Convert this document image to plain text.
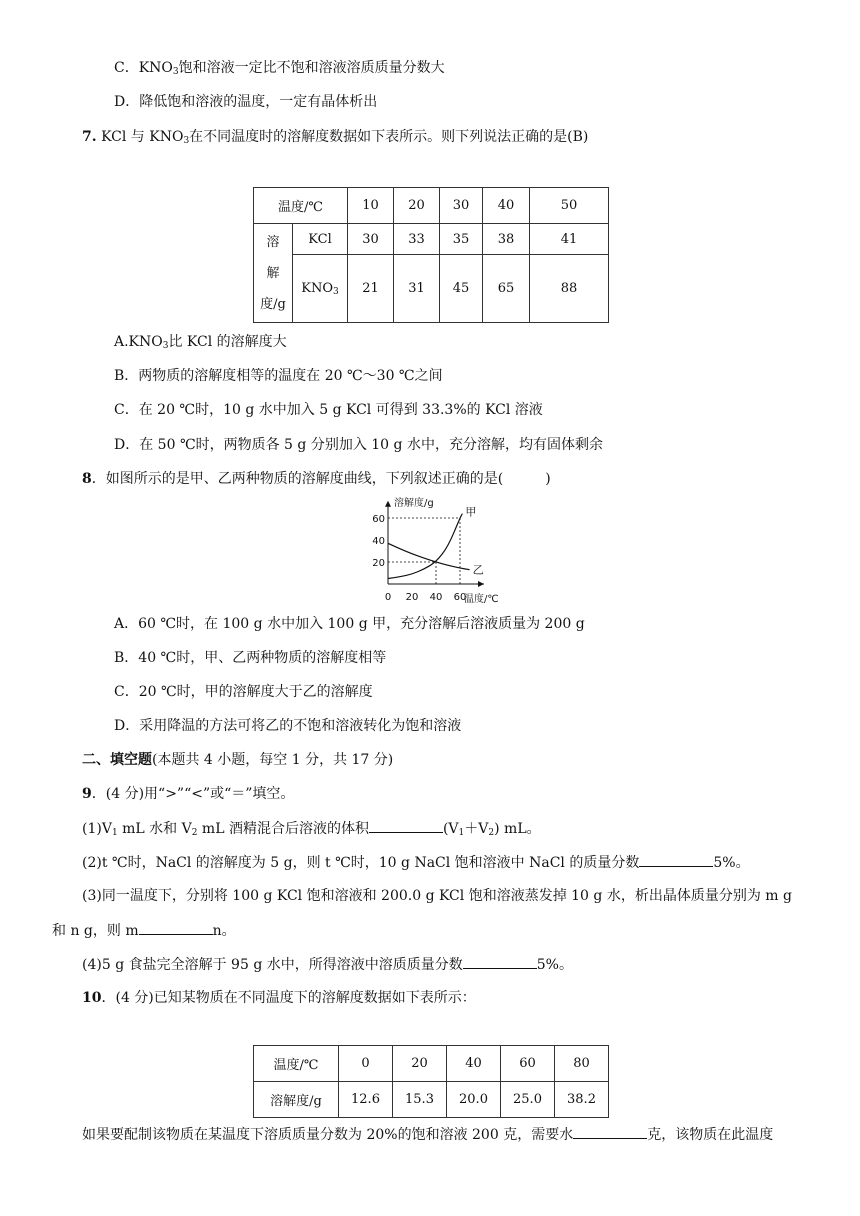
C．$KNO_3$饱和溶液一定比不饱和溶液溶质质量分数大
D．降低饱和溶液的温度，一定有晶体析出
7. KCl 与 $KNO_3$在不同温度时的溶解度数据如下表所示。则下列说法正确的是(B)
温度/℃		10	20	30	40	50
溶
解
度/g	KCl	30	33	35	38	41
	$KNO_3$	21	31	45	65	88
$A.KNO_3$比 KCl 的溶解度大
B．两物质的溶解度相等的温度在 20 ℃～30 ℃之间
C．在 20 ℃时，10 g 水中加入 5 g KCl 可得到 33.3%的 KCl 溶液
D．在 50 ℃时，两物质各 5 g 分别加入 10 g 水中，充分溶解，均有固体剩余
8．如图所示的是甲、乙两种物质的溶解度曲线，下列叙述正确的是(　　　)
溶解度/g
温度/℃
0 20 40 60
20
40
60
甲
乙
A．60 ℃时，在 100 g 水中加入 100 g 甲，充分溶解后溶液质量为 200 g
B．40 ℃时，甲、乙两种物质的溶解度相等
C．20 ℃时，甲的溶解度大于乙的溶解度
D．采用降温的方法可将乙的不饱和溶液转化为饱和溶液
二、填空题(本题共 4 小题，每空 1 分，共 17 分)
9．(4 分)用“>”“<”或“＝”填空。
$(1)V_1$ mL 水和 $V_2$ mL 酒精混合后溶液的体积	$(V_1+V_2)$ mL。
(2)t ℃时，NaCl 的溶解度为 5 g，则 t ℃时，10 g NaCl 饱和溶液中 NaCl 的质量分数	5%。
(3)同一温度下，分别将 100 g KCl 饱和溶液和 200.0 g KCl 饱和溶液蒸发掉 10 g 水，析出晶体质量分别为 m g
和 n g，则 m	n。
(4)5 g 食盐完全溶解于 95 g 水中，所得溶液中溶质质量分数	5%。
10．(4 分)已知某物质在不同温度下的溶解度数据如下表所示：
温度/℃	0	20	40	60	80
溶解度/g	12.6	15.3	20.0	25.0	38.2
如果要配制该物质在某温度下溶质质量分数为 20%的饱和溶液 200 克，需要水	克，该物质在此温度
